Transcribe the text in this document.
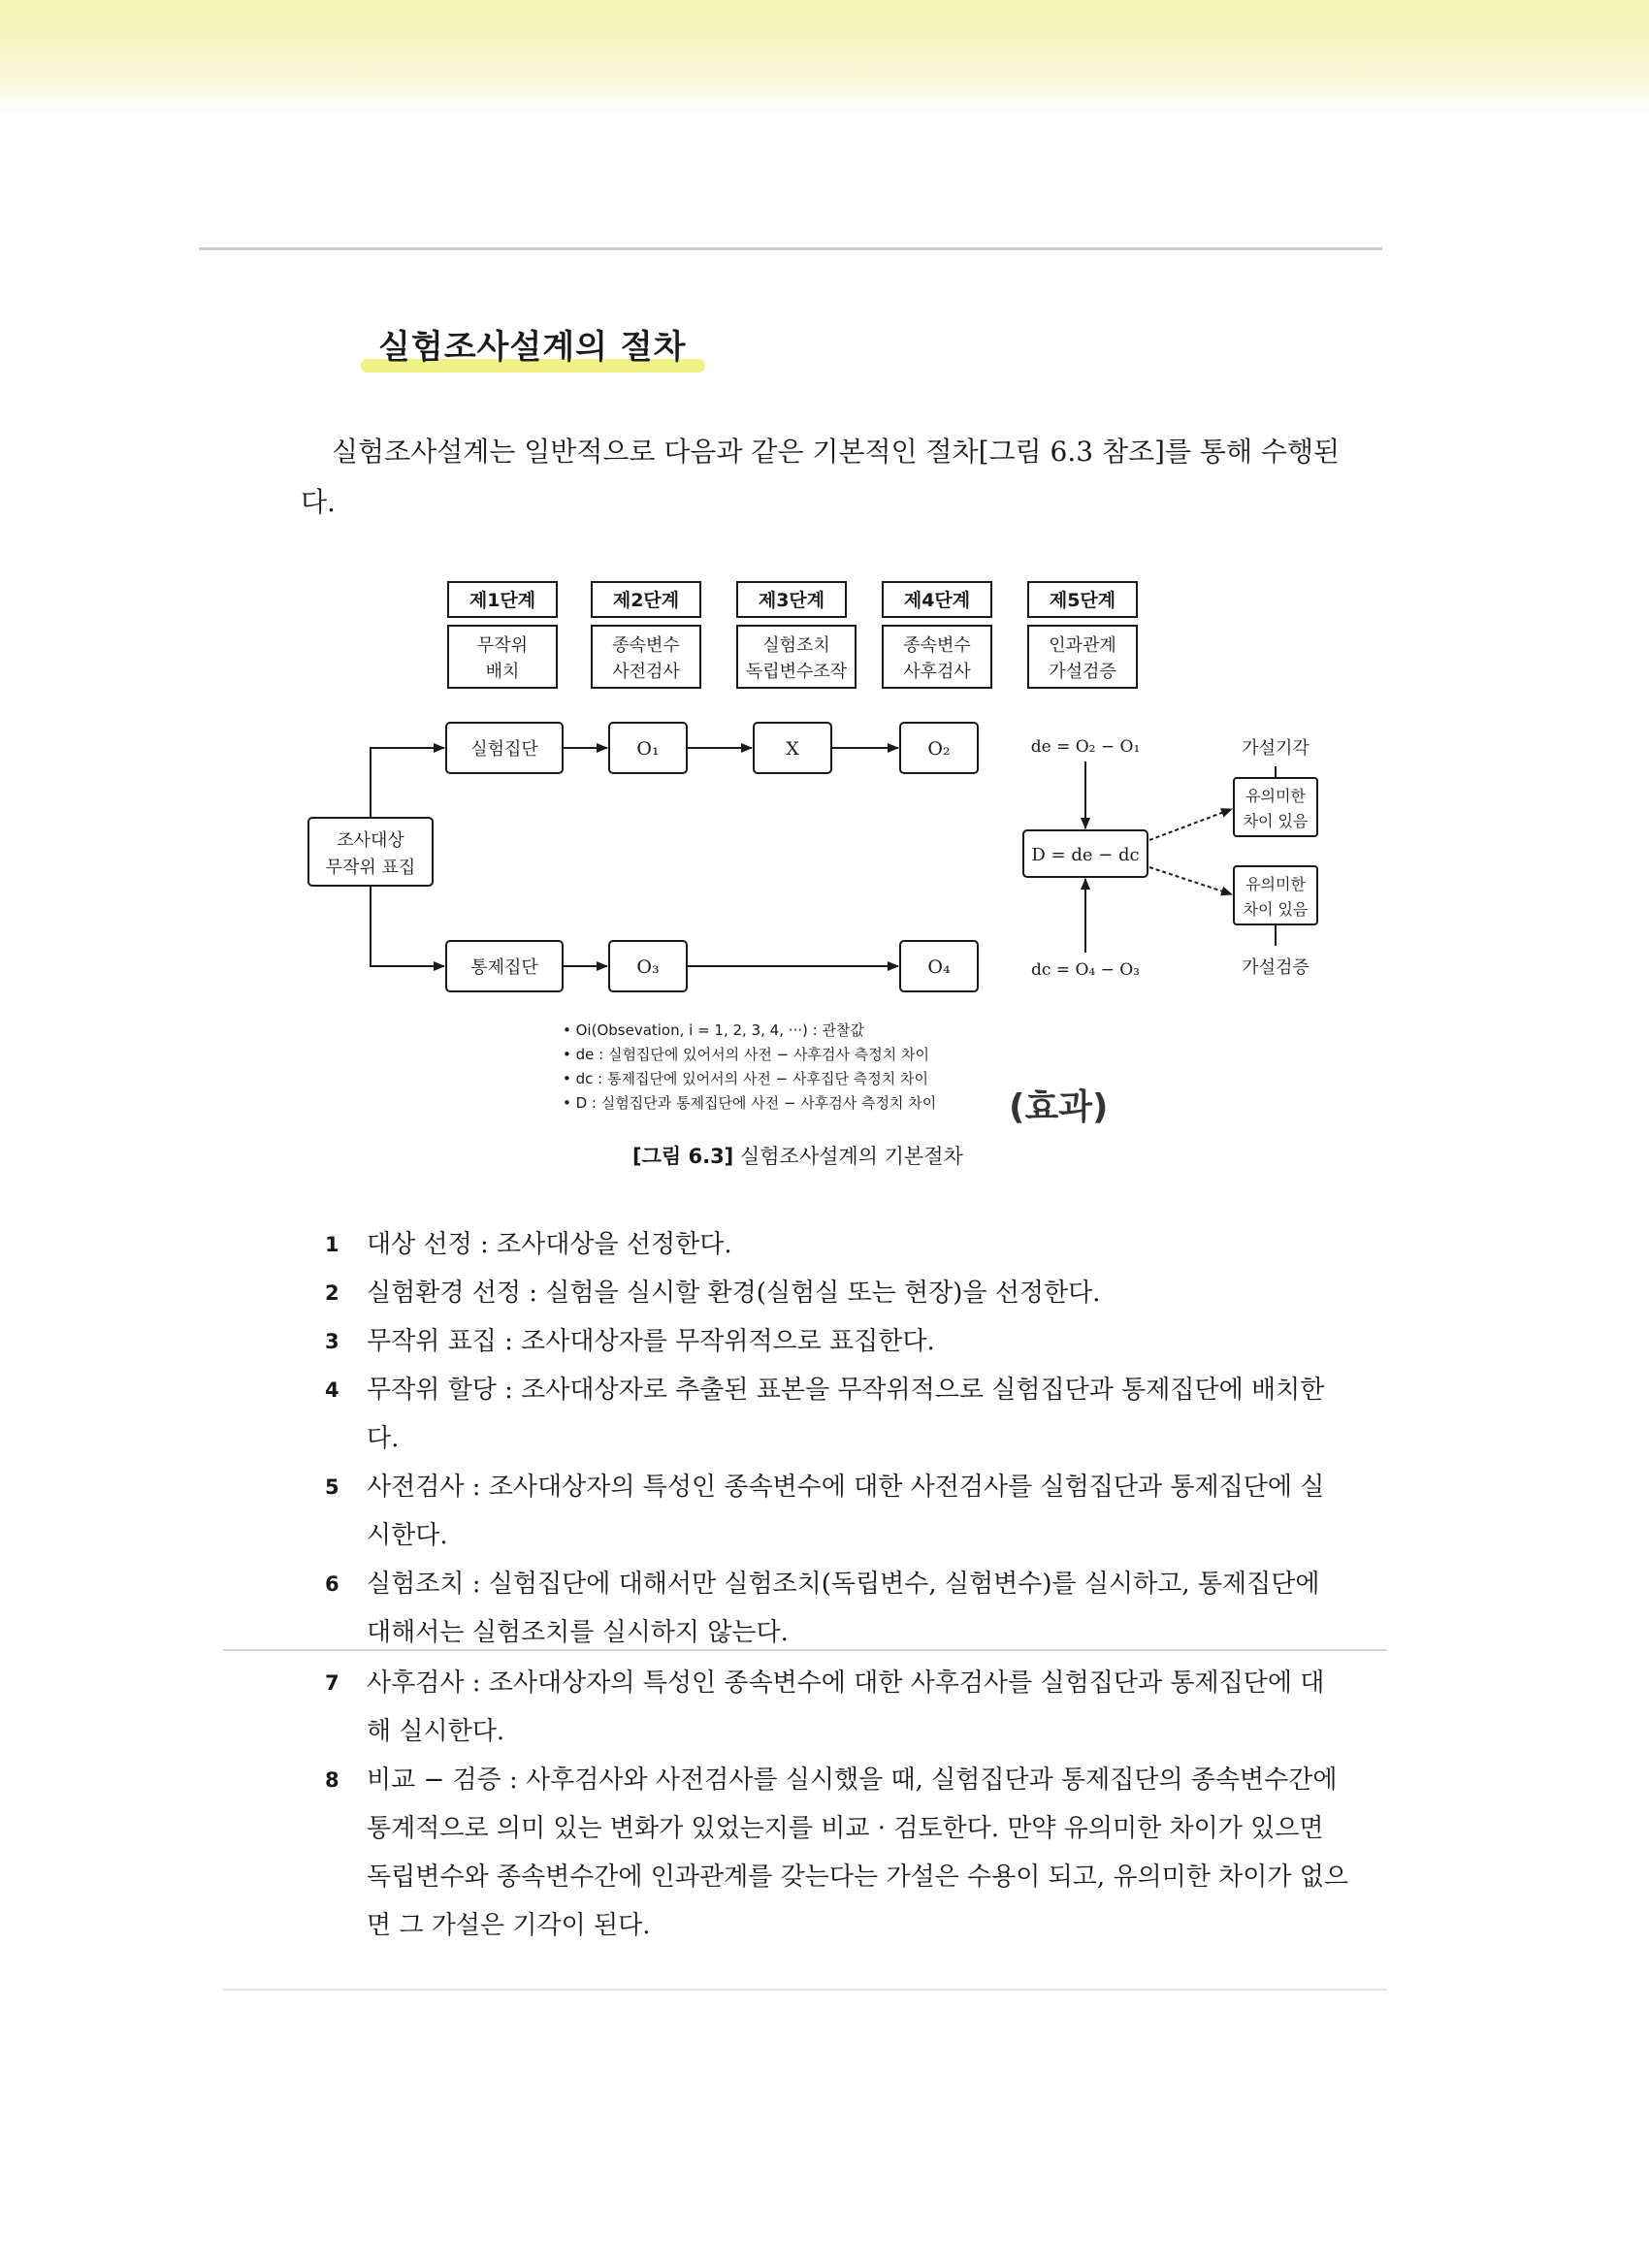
실험조사설계의 절차

실험조사설계는 일반적으로 다음과 같은 기본적인 절차[그림 6.3 참조]를 통해 수행된다.

제1단계	제2단계	제3단계	제4단계	제5단계
무작위
배치
종속변수
사전검사
실험조치
독립변수조작
종속변수
사후검사
인과관계
가설검증
조사대상
무작위 표집
실험집단
통제집단
가설기각
가설검증
유의미한
차이 있음
유의미한
차이 있음
O₁	X	O₂
O₃	O₄
de = O₂ − O₁
D = de − dc
dc = O₄ − O₃

• Oi(Obsevation, i = 1, 2, 3, 4, ···) : 관찰값

• de : 실험집단에 있어서의 사전 − 사후검사 측정치 차이

• dc : 통제집단에 있어서의 사전 − 사후집단 측정치 차이

• D : 실험집단과 통제집단에 사전 − 사후검사 측정치 차이 (효과)

[그림 6.3] 실험조사설계의 기본절차

1 대상 선정 : 조사대상을 선정한다.
2 실험환경 선정 : 실험을 실시할 환경(실험실 또는 현장)을 선정한다.
3 무작위 표집 : 조사대상자를 무작위적으로 표집한다.
4 무작위 할당 : 조사대상자로 추출된 표본을 무작위적으로 실험집단과 통제집단에 배치한다.
5 사전검사 : 조사대상자의 특성인 종속변수에 대한 사전검사를 실험집단과 통제집단에 실시한다.
6 실험조치 : 실험집단에 대해서만 실험조치(독립변수, 실험변수)를 실시하고, 통제집단에 대해서는 실험조치를 실시하지 않는다.
7 사후검사 : 조사대상자의 특성인 종속변수에 대한 사후검사를 실험집단과 통제집단에 대해 실시한다.
8 비교 − 검증 : 사후검사와 사전검사를 실시했을 때, 실험집단과 통제집단의 종속변수간에 통계적으로 의미 있는 변화가 있었는지를 비교 · 검토한다. 만약 유의미한 차이가 있으면 독립변수와 종속변수간에 인과관계를 갖는다는 가설은 수용이 되고, 유의미한 차이가 없으면 그 가설은 기각이 된다.
